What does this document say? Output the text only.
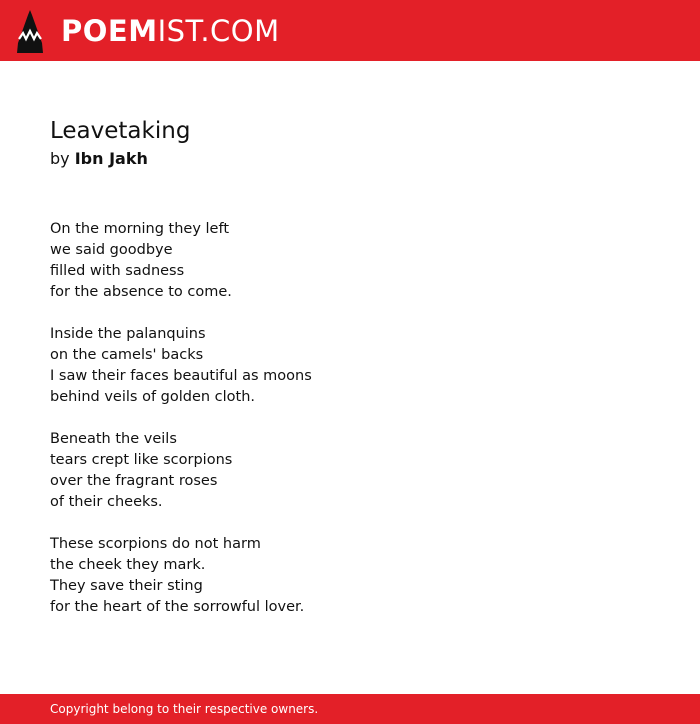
POEM IST.COM
Leavetaking
by Ibn Jakh
On the morning they left
we said goodbye
filled with sadness
for the absence to come.
Inside the palanquins
on the camels' backs
I saw their faces beautiful as moons
behind veils of golden cloth.
Beneath the veils
tears crept like scorpions
over the fragrant roses
of their cheeks.
These scorpions do not harm
the cheek they mark.
They save their sting
for the heart of the sorrowful lover.
Copyright belong to their respective owners.
